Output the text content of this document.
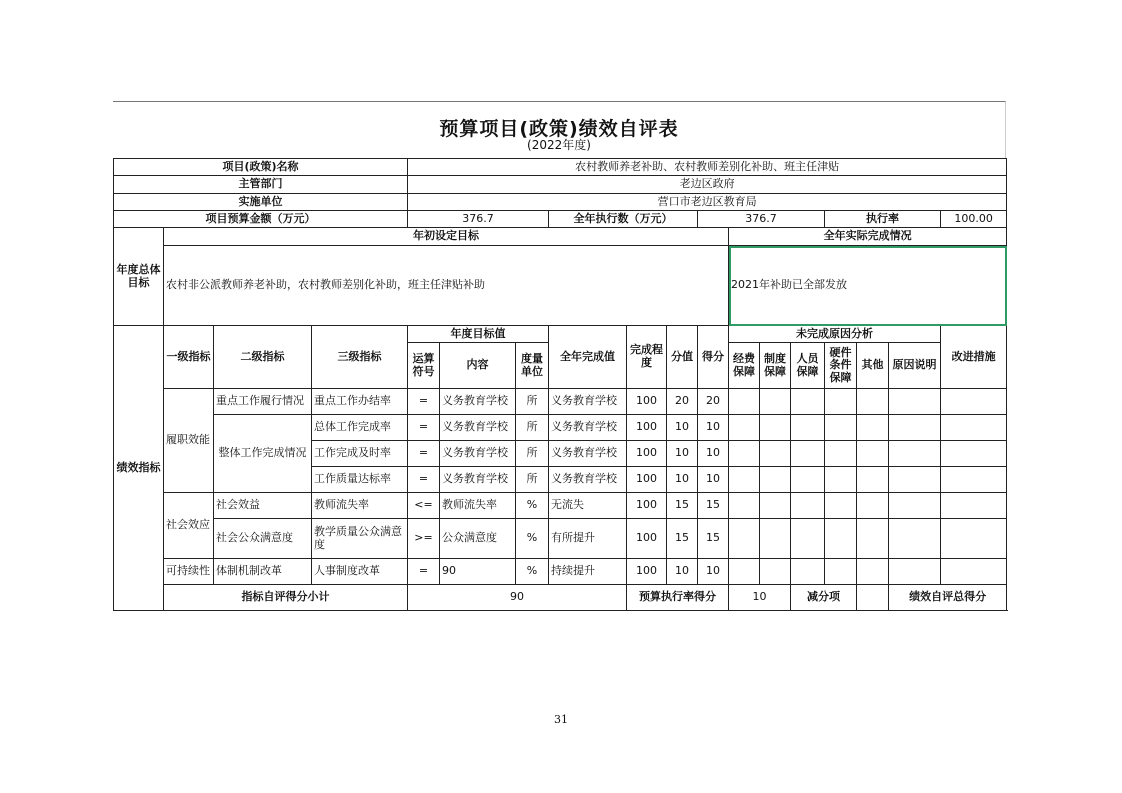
预算项目(政策)绩效自评表
(2022年度)
项目(政策)名称				农村教师养老补助、农村教师差别化补助、班主任津贴													
主管部门				老边区政府													
实施单位				营口市老边区教育局													
项目预算金额（万元）				376.7			全年执行数（万元）			376.7				执行率			100.00
年度总体目标	年初设定目标										全年实际完成情况						
	农村非公派教师养老补助，农村教师差别化补助，班主任津贴补助										2021年补助已全部发放						
绩效指标	一级指标	二级指标	三级指标	年度目标值			全年完成值	完成程度	分值	得分	未完成原因分析						改进措施
				运算符号	内容	度量单位					经费保障	制度保障	人员保障	硬件条件保障	其他	原因说明	
	履职效能	重点工作履行情况	重点工作办结率	=	义务教育学校	所	义务教育学校	100	20	20							
		整体工作完成情况	总体工作完成率	=	义务教育学校	所	义务教育学校	100	10	10							
			工作完成及时率	=	义务教育学校	所	义务教育学校	100	10	10							
			工作质量达标率	=	义务教育学校	所	义务教育学校	100	10	10							
	社会效应	社会效益	教师流失率	<=	教师流失率	%	无流失	100	15	15							
		社会公众满意度	教学质量公众满意度	>=	公众满意度	%	有所提升	100	15	15							
	可持续性	体制机制改革	人事制度改革	=	90	%	持续提升	100	10	10							
	指标自评得分小计			90				预算执行率得分			10		减分项			绩效自评总得分	
31
